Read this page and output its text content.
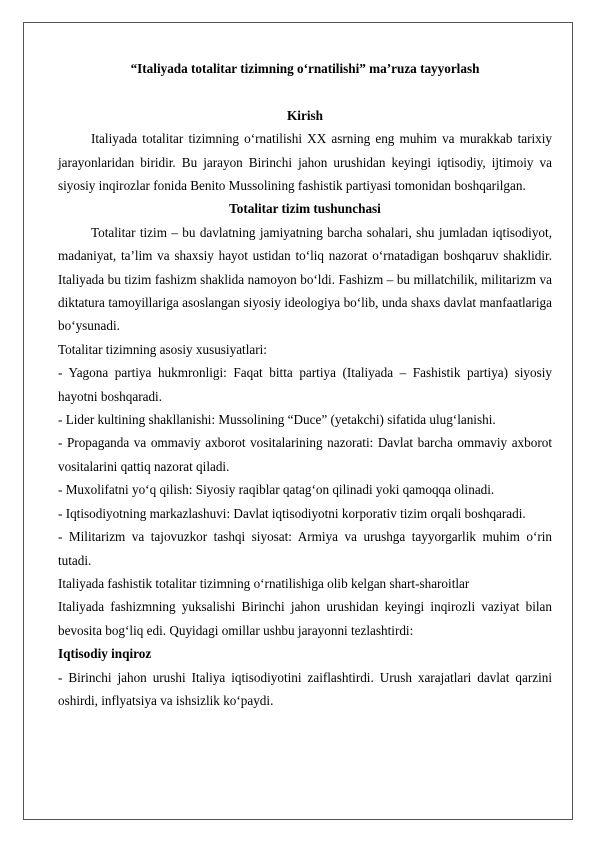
“Italiyada totalitar tizimning o‘rnatilishi” ma’ruza tayyorlash

Kirish

Italiyada totalitar tizimning o‘rnatilishi XX asrning eng muhim va murakkab tarixiy jarayonlaridan biridir. Bu jarayon Birinchi jahon urushidan keyingi iqtisodiy, ijtimoiy va siyosiy inqirozlar fonida Benito Mussolining fashistik partiyasi tomonidan boshqarilgan.

Totalitar tizim tushunchasi

Totalitar tizim – bu davlatning jamiyatning barcha sohalari, shu jumladan iqtisodiyot, madaniyat, ta’lim va shaxsiy hayot ustidan to‘liq nazorat o‘rnatadigan boshqaruv shaklidir. Italiyada bu tizim fashizm shaklida namoyon bo‘ldi. Fashizm – bu millatchilik, militarizm va diktatura tamoyillariga asoslangan siyosiy ideologiya bo‘lib, unda shaxs davlat manfaatlariga bo‘ysunadi.

Totalitar tizimning asosiy xususiyatlari:

- Yagona partiya hukmronligi: Faqat bitta partiya (Italiyada – Fashistik partiya) siyosiy hayotni boshqaradi.
- Lider kultining shakllanishi: Mussolining “Duce” (yetakchi) sifatida ulug‘lanishi.
- Propaganda va ommaviy axborot vositalarining nazorati: Davlat barcha ommaviy axborot vositalarini qattiq nazorat qiladi.
- Muxolifatni yo‘q qilish: Siyosiy raqiblar qatag‘on qilinadi yoki qamoqqa olinadi.
- Iqtisodiyotning markazlashuvi: Davlat iqtisodiyotni korporativ tizim orqali boshqaradi.
- Militarizm va tajovuzkor tashqi siyosat: Armiya va urushga tayyorgarlik muhim o‘rin tutadi.

Italiyada fashistik totalitar tizimning o‘rnatilishiga olib kelgan shart-sharoitlar

Italiyada fashizmning yuksalishi Birinchi jahon urushidan keyingi inqirozli vaziyat bilan bevosita bog‘liq edi. Quyidagi omillar ushbu jarayonni tezlashtirdi:

Iqtisodiy inqiroz

- Birinchi jahon urushi Italiya iqtisodiyotini zaiflashtirdi. Urush xarajatlari davlat qarzini oshirdi, inflyatsiya va ishsizlik ko‘paydi.
